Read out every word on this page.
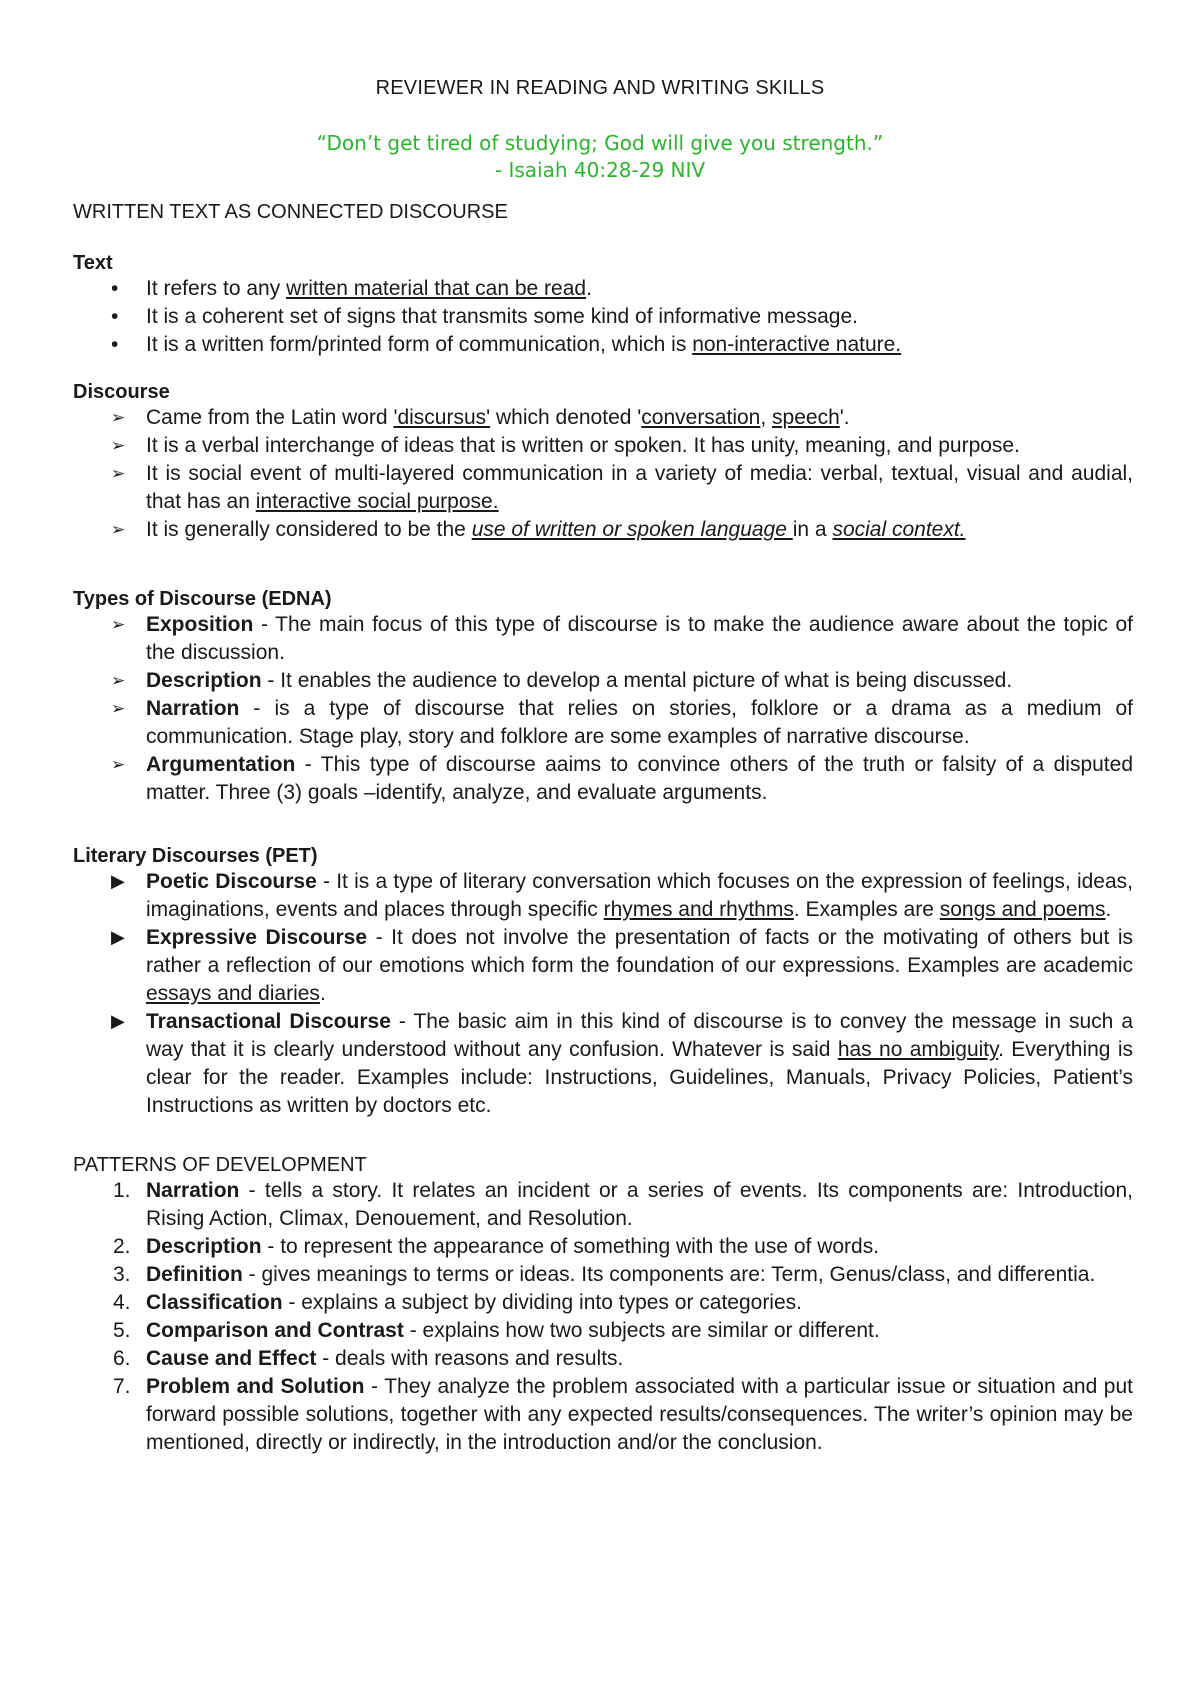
REVIEWER IN READING AND WRITING SKILLS
“Don’t get tired of studying; God will give you strength.”
- Isaiah 40:28-29 NIV
WRITTEN TEXT AS CONNECTED DISCOURSE
Text
•	It refers to any written material that can be read.
•	It is a coherent set of signs that transmits some kind of informative message.
•	It is a written form/printed form of communication, which is non-interactive nature.
Discourse
➢ Came from the Latin word 'discursus' which denoted 'conversation, speech'.
➢ It is a verbal interchange of ideas that is written or spoken. It has unity, meaning, and purpose.
➢ It is social event of multi-layered communication in a variety of media: verbal, textual, visual and audial, that has an interactive social purpose.
➢ It is generally considered to be the use of written or spoken language in a social context.
Types of Discourse (EDNA)
➢ Exposition - The main focus of this type of discourse is to make the audience aware about the topic of the discussion.
➢ Description - It enables the audience to develop a mental picture of what is being discussed.
➢ Narration - is a type of discourse that relies on stories, folklore or a drama as a medium of communication. Stage play, story and folklore are some examples of narrative discourse.
➢ Argumentation - This type of discourse aaims to convince others of the truth or falsity of a disputed matter. Three (3) goals –identify, analyze, and evaluate arguments.
Literary Discourses (PET)
▶	Poetic Discourse - It is a type of literary conversation which focuses on the expression of feelings, ideas, imaginations, events and places through specific rhymes and rhythms. Examples are songs and poems.
▶	Expressive Discourse - It does not involve the presentation of facts or the motivating of others but is rather a reflection of our emotions which form the foundation of our expressions. Examples are academic essays and diaries.
▶	Transactional Discourse - The basic aim in this kind of discourse is to convey the message in such a way that it is clearly understood without any confusion. Whatever is said has no ambiguity. Everything is clear for the reader. Examples include: Instructions, Guidelines, Manuals, Privacy Policies, Patient’s Instructions as written by doctors etc.
PATTERNS OF DEVELOPMENT
1. Narration - tells a story. It relates an incident or a series of events. Its components are: Introduction, Rising Action, Climax, Denouement, and Resolution.
2. Description - to represent the appearance of something with the use of words.
3. Definition - gives meanings to terms or ideas. Its components are: Term, Genus/class, and differentia.
4. Classification - explains a subject by dividing into types or categories.
5. Comparison and Contrast - explains how two subjects are similar or different.
6. Cause and Effect - deals with reasons and results.
7. Problem and Solution - They analyze the problem associated with a particular issue or situation and put forward possible solutions, together with any expected results/consequences. The writer’s opinion may be mentioned, directly or indirectly, in the introduction and/or the conclusion.
